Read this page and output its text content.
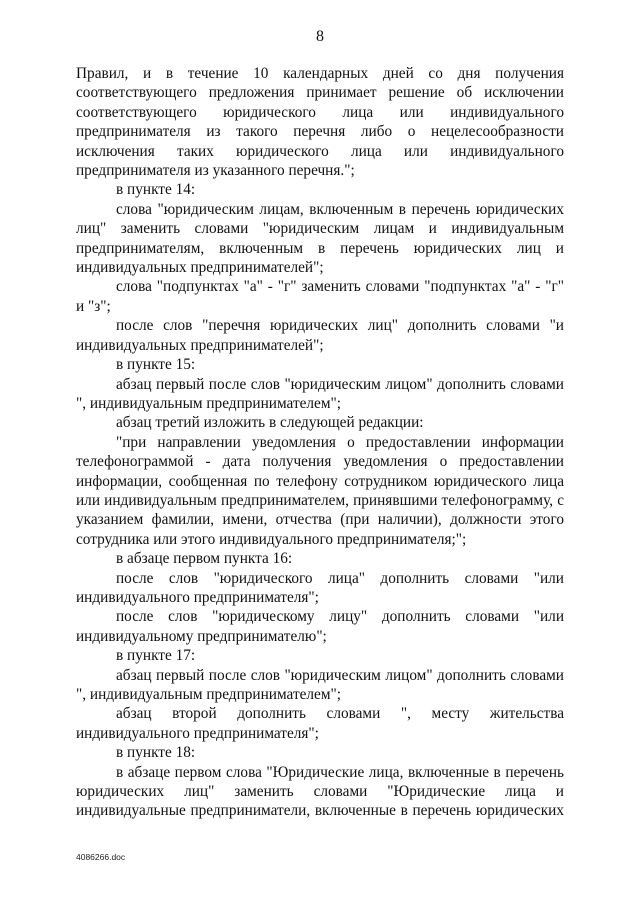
8

Правил, и в течение 10 календарных дней со дня получения соответствующего предложения принимает решение об исключении соответствующего юридического лица или индивидуального предпринимателя из такого перечня либо о нецелесообразности исключения таких юридического лица или индивидуального предпринимателя из указанного перечня.";

в пункте 14:

слова "юридическим лицам, включенным в перечень юридических лиц" заменить словами "юридическим лицам и индивидуальным предпринимателям, включенным в перечень юридических лиц и индивидуальных предпринимателей";

слова "подпунктах "а" - "г" заменить словами "подпунктах "а" - "г" и "з";

после слов "перечня юридических лиц" дополнить словами "и индивидуальных предпринимателей";

в пункте 15:

абзац первый после слов "юридическим лицом" дополнить словами ", индивидуальным предпринимателем";

абзац третий изложить в следующей редакции:

"при направлении уведомления о предоставлении информации телефонограммой - дата получения уведомления о предоставлении информации, сообщенная по телефону сотрудником юридического лица или индивидуальным предпринимателем, принявшими телефонограмму, с указанием фамилии, имени, отчества (при наличии), должности этого сотрудника или этого индивидуального предпринимателя;";

в абзаце первом пункта 16:

после слов "юридического лица" дополнить словами "или индивидуального предпринимателя";

после слов "юридическому лицу" дополнить словами "или индивидуальному предпринимателю";

в пункте 17:

абзац первый после слов "юридическим лицом" дополнить словами ", индивидуальным предпринимателем";

абзац второй дополнить словами ", месту жительства индивидуального предпринимателя";

в пункте 18:

в абзаце первом слова "Юридические лица, включенные в перечень юридических лиц" заменить словами "Юридические лица и индивидуальные предприниматели, включенные в перечень юридических

4086266.doc
